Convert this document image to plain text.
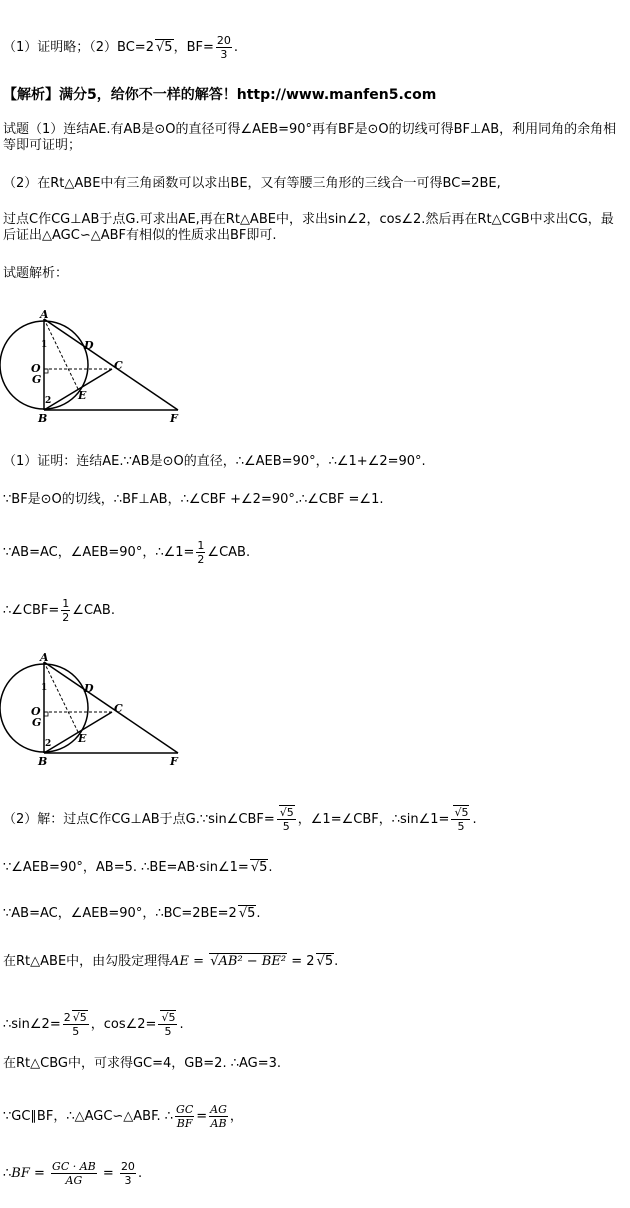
（1）证明略；（2）BC=2 √5，$BF= \frac{20}{3}$ .
【解析】满分5，给你不一样的解答！http://www.manfen5.com
试题（1）连结AE.有AB是⊙O的直径可得∠AEB=90°再有BF是⊙O的切线可得BF⊥AB，利用同角的余角相等即可证明；
（2）在Rt△ABE中有三角函数可以求出BE，又有等腰三角形的三线合一可得BC=2BE,
过点C作CG⊥AB于点G.可求出AE,再在Rt△ABE中，求出sin∠2，cos∠2.然后再在Rt△CGB中求出CG，最后证出△AGC∽△ABF有相似的性质求出BF即可.
试题解析：
A
B
C
D
E
F
O
G
1
2
（1）证明：连结AE.∵AB是⊙O的直径，∴∠AEB=90°，∴∠1+∠2=90°.
∵BF是⊙O的切线，∴BF⊥AB，∴∠CBF +∠2=90°.∴∠CBF =∠1.
∵AB=AC，∠AEB=90°，∴∠1= $\frac{1}{2}$ ∠CAB.
∴∠CBF= $\frac{1}{2}$ ∠CAB.
A
B
C
D
E
F
O
G
1
2
（2）解：过点C作CG⊥AB于点G.∵sin∠CBF= $\frac{√5}{5}$ ，∠1=∠CBF，∴sin∠1= $\frac{√5}{5}$ .
∵∠AEB=90°，AB=5. ∴BE=AB·sin∠1= √5.
∵AB=AC，∠AEB=90°，∴BC=2BE=2 √5.
在Rt△ABE中，由勾股定理得AE = √AB² − BE² = 2 √5.
∴sin∠2= $\frac{2 √5}{5}$ ，cos∠2= $\frac{√5}{5}$ .
在Rt△CBG中，可求得GC=4，GB=2. ∴AG=3.
∵GC∥BF，∴△AGC∽△ABF. ∴ $\frac{GC}{BF} = \frac{AG}{AB}$ ，
∴BF = $\frac{GC \cdot AB}{AG} = \frac{20}{3}$ .
